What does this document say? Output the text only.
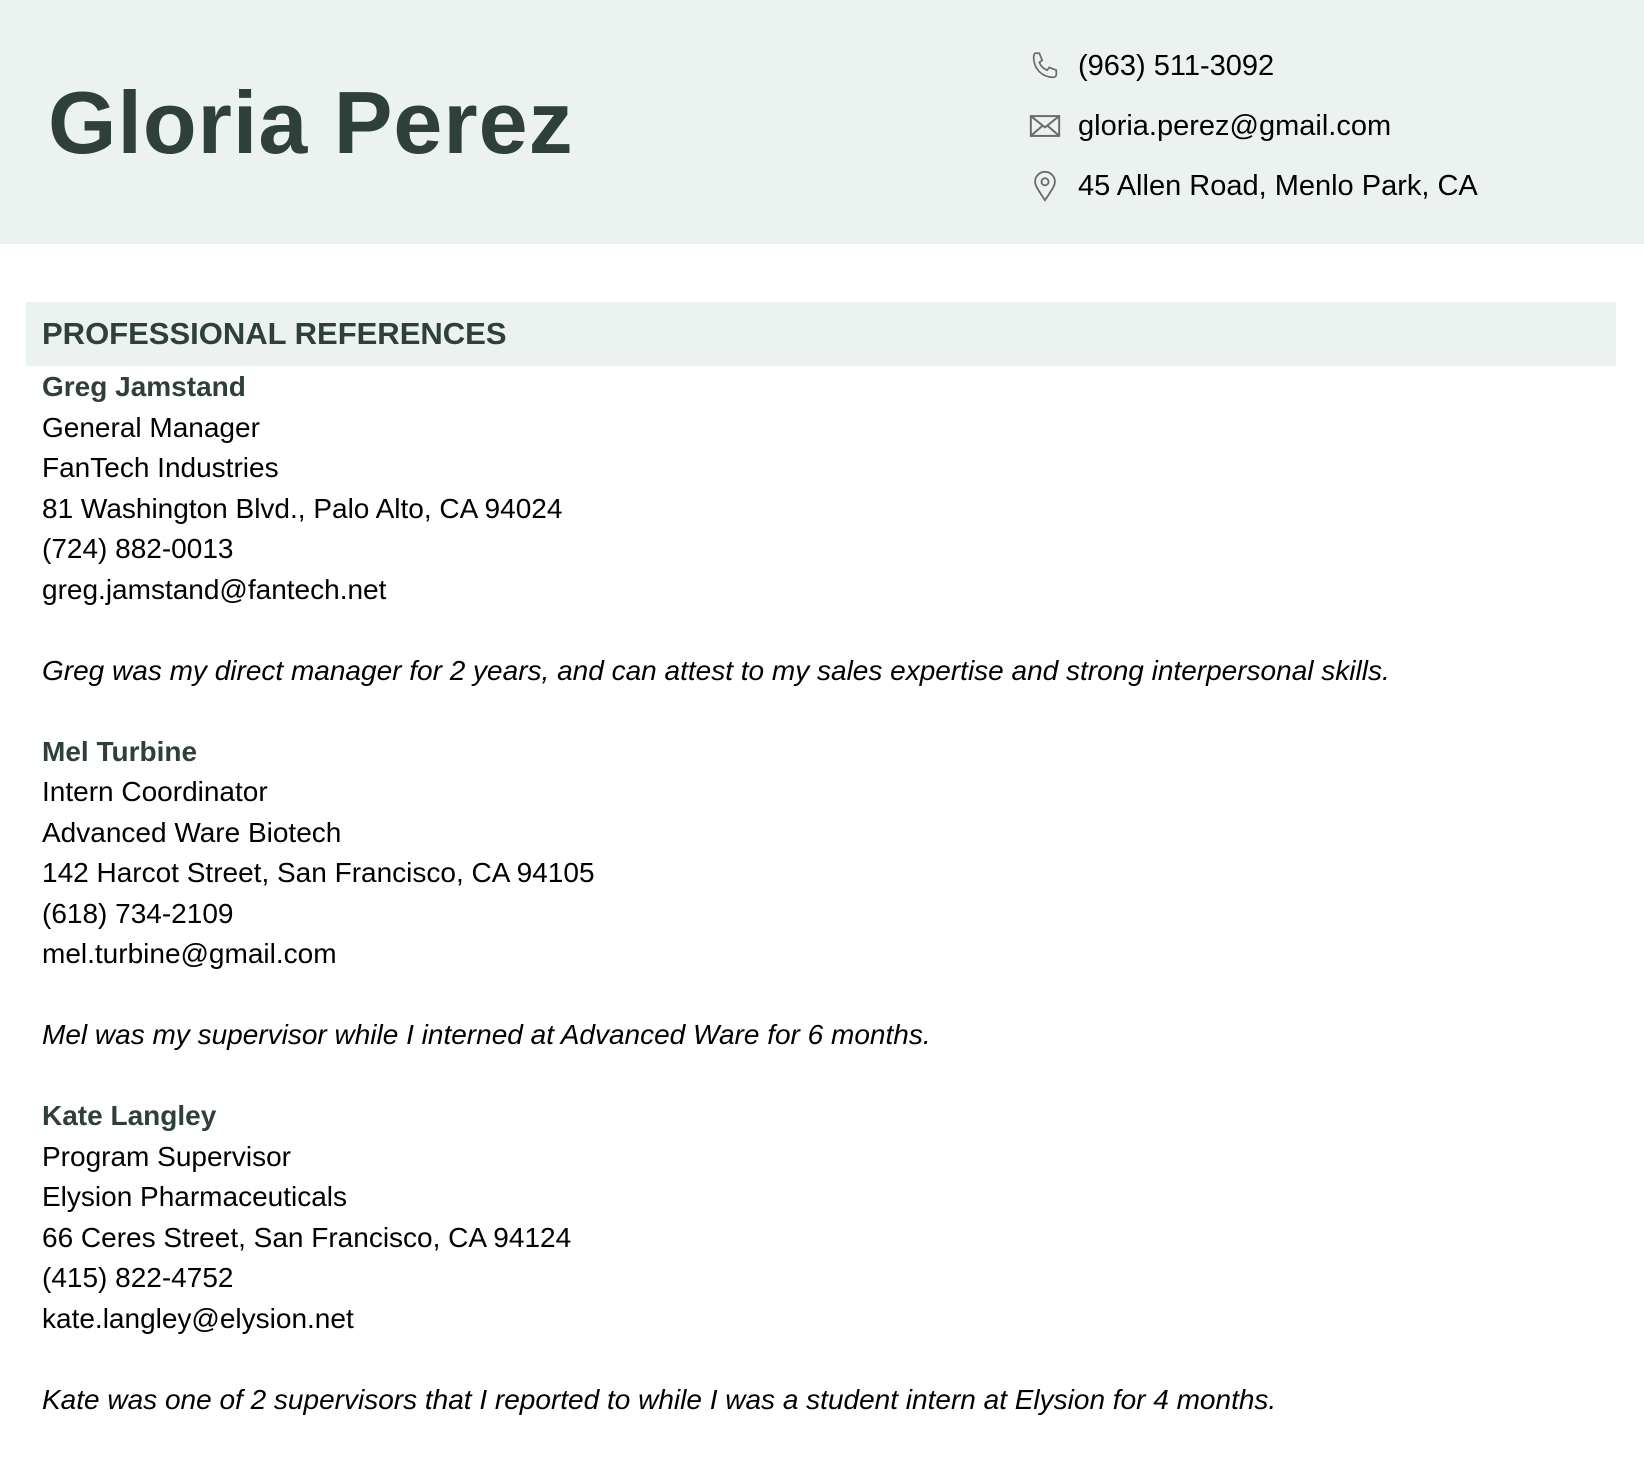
Gloria Perez
(963) 511-3092
gloria.perez@gmail.com
45 Allen Road, Menlo Park, CA
PROFESSIONAL REFERENCES
Greg Jamstand
General Manager
FanTech Industries
81 Washington Blvd., Palo Alto, CA 94024
(724) 882-0013
greg.jamstand@fantech.net
Greg was my direct manager for 2 years, and can attest to my sales expertise and strong interpersonal skills.
Mel Turbine
Intern Coordinator
Advanced Ware Biotech
142 Harcot Street, San Francisco, CA 94105
(618) 734-2109
mel.turbine@gmail.com
Mel was my supervisor while I interned at Advanced Ware for 6 months.
Kate Langley
Program Supervisor
Elysion Pharmaceuticals
66 Ceres Street, San Francisco, CA 94124
(415) 822-4752
kate.langley@elysion.net
Kate was one of 2 supervisors that I reported to while I was a student intern at Elysion for 4 months.
